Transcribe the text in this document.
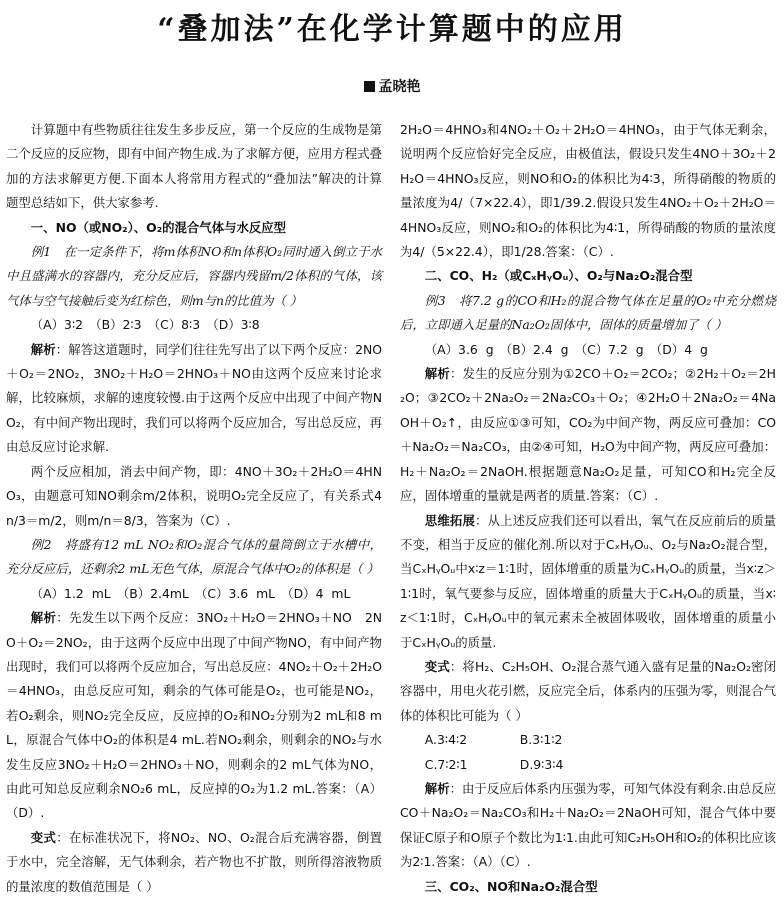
“叠加法”在化学计算题中的应用
孟晓艳

计算题中有些物质往往发生多步反应，第一个反应的生成物是第二个反应的反应物，即有中间产物生成.为了求解方便，应用方程式叠加的方法求解更方便.下面本人将常用方程式的“叠加法”解决的计算题型总结如下，供大家参考.

一、NO（或NO₂）、O₂的混合气体与水反应型

例1　 在一定条件下，将m体积NO和n体积O₂同时通入倒立于水中且盛满水的容器内，充分反应后，容器内残留m/2体积的气体，该气体与空气接触后变为红棕色，则m与n的比值为（ ）

（A）3∶2　（B）2∶3　（C）8∶3　（D）3∶8

解析：解答这道题时，同学们往往先写出了以下两个反应：2NO＋O₂＝2NO₂，3NO₂＋H₂O＝2HNO₃＋NO由这两个反应来讨论求解，比较麻烦，求解的速度较慢.由于这两个反应中出现了中间产物NO₂，有中间产物出现时，我们可以将两个反应加合，写出总反应，再由总反应讨论求解.

两个反应相加，消去中间产物，即：4NO＋3O₂＋2H₂O＝4HNO₃，由题意可知NO剩余m/2体积，说明O₂完全反应了，有关系式4n/3＝m/2，则m/n＝8/3，答案为（C）.

例2　 将盛有12 mL NO₂和O₂混合气体的量筒倒立于水槽中，充分反应后，还剩余2 mL无色气体，原混合气体中O₂的体积是（ ）

（A）1.2 mL　（B）2.4mL　（C）3.6 mL　（D）4 mL

解析：先发生以下两个反应：3NO₂＋H₂O＝2HNO₃＋NO　2NO＋O₂＝2NO₂，由于这两个反应中出现了中间产物NO，有中间产物出现时，我们可以将两个反应加合，写出总反应：4NO₂＋O₂＋2H₂O＝4HNO₃，由总反应可知，剩余的气体可能是O₂，也可能是NO₂，若O₂剩余，则NO₂完全反应，反应掉的O₂和NO₂分别为2 mL和8 mL，原混合气体中O₂的体积是4 mL.若NO₂剩余，则剩余的NO₂与水发生反应3NO₂＋H₂O＝2HNO₃＋NO，则剩余的2 mL气体为NO，由此可知总反应剩余NO₂6 mL，反应掉的O₂为1.2 mL.答案：（A）（D）.

变式：在标准状况下，将NO₂、NO、O₂混合后充满容器，倒置于水中，完全溶解，无气体剩余，若产物也不扩散，则所得溶液物质的量浓度的数值范围是（ ）

2H₂O＝4HNO₃和4NO₂＋O₂＋2H₂O＝4HNO₃，由于气体无剩余，说明两个反应恰好完全反应，由极值法，假设只发生4NO＋3O₂＋2H₂O＝4HNO₃反应，则NO和O₂的体积比为4∶3，所得硝酸的物质的量浓度为4/（7×22.4），即1/39.2.假设只发生4NO₂＋O₂＋2H₂O＝4HNO₃反应，则NO₂和O₂的体积比为4∶1，所得硝酸的物质的量浓度为4/（5×22.4），即1/28.答案：（C）.

二、CO、H₂（或CₓHᵧOᵤ）、O₂与Na₂O₂混合型

例3　 将7.2 g的CO和H₂的混合物气体在足量的O₂中充分燃烧后，立即通入足量的Na₂O₂固体中，固体的质量增加了（ ）

（A）3.6 g　（B）2.4 g　（C）7.2 g　（D）4 g

解析：发生的反应分别为①2CO＋O₂＝2CO₂；②2H₂＋O₂＝2H₂O；③2CO₂＋2Na₂O₂＝2Na₂CO₃＋O₂；④2H₂O＋2Na₂O₂＝4NaOH＋O₂↑，由反应①③可知，CO₂为中间产物，两反应可叠加：CO＋Na₂O₂＝Na₂CO₃，由②④可知，H₂O为中间产物，两反应可叠加：H₂＋Na₂O₂＝2NaOH.根据题意Na₂O₂足量，可知CO和H₂完全反应，固体增重的量就是两者的质量.答案：（C）.

思维拓展：从上述反应我们还可以看出，氧气在反应前后的质量不变，相当于反应的催化剂.所以对于CₓHᵧOᵤ、O₂与Na₂O₂混合型，当CₓHᵧOᵤ中x∶z＝1∶1时，固体增重的质量为CₓHᵧOᵤ的质量，当x∶z＞1∶1时，氧气要参与反应，固体增重的质量大于CₓHᵧOᵤ的质量，当x∶z＜1∶1时，CₓHᵧOᵤ中的氧元素未全被固体吸收，固体增重的质量小于CₓHᵧOᵤ的质量.

变式：将H₂、C₂H₅OH、O₂混合蒸气通入盛有足量的Na₂O₂密闭容器中，用电火花引燃，反应完全后，体系内的压强为零，则混合气体的体积比可能为（ ）

A.3∶4∶2	B.3∶1∶2
C.7∶2∶1	D.9∶3∶4

解析：由于反应后体系内压强为零，可知气体没有剩余.由总反应CO＋Na₂O₂＝Na₂CO₃和H₂＋Na₂O₂＝2NaOH可知，混合气体中要保证C原子和O原子个数比为1∶1.由此可知C₂H₅OH和O₂的体积比应该为2∶1.答案：（A）（C）.

三、CO₂、NO和Na₂O₂混合型
